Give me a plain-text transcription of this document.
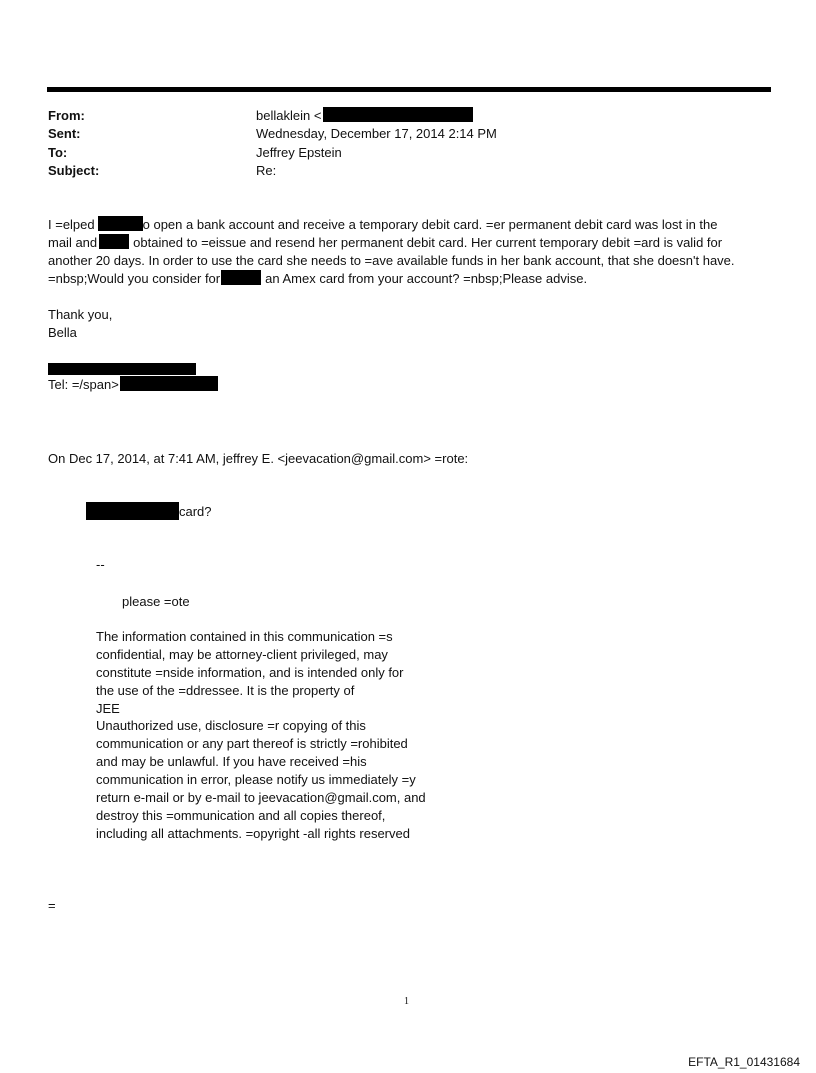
From:	bellaklein <
Sent:	Wednesday, December 17, 2014 2:14 PM
To:	Jeffrey Epstein
Subject:	Re:
I =elped	o open a bank account and receive a temporary debit card. =er permanent debit card was lost in the
mail and	obtained to =eissue and resend her permanent debit card. Her current temporary debit =ard is valid for
another 20 days. In order to use the card she needs to =ave available funds in her bank account, that she doesn't have.
=nbsp;Would you consider for	an Amex card from your account? =nbsp;Please advise.
Thank you,
Bella
Tel: =/span>
On Dec 17, 2014, at 7:41 AM, jeffrey E. <jeevacation@gmail.com> =rote:
card?
--
please =ote
The information contained in this communication =s
confidential, may be attorney-client privileged, may
constitute =nside information, and is intended only for
the use of the =ddressee. It is the property of
JEE
Unauthorized use, disclosure =r copying of this
communication or any part thereof is strictly =rohibited
and may be unlawful. If you have received =his
communication in error, please notify us immediately =y
return e-mail or by e-mail to jeevacation@gmail.com, and
destroy this =ommunication and all copies thereof,
including all attachments. =opyright -all rights reserved
=
1
EFTA_R1_01431684
